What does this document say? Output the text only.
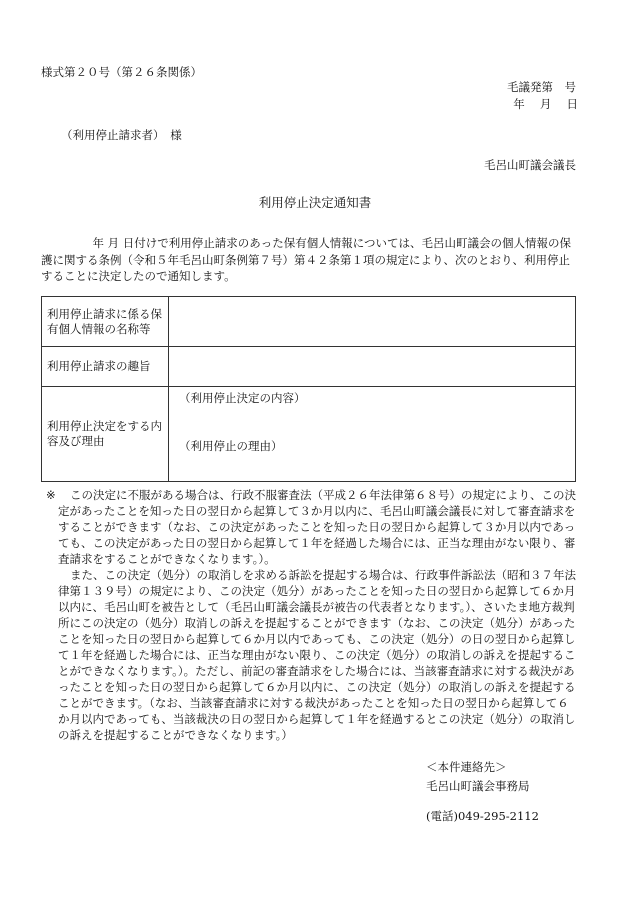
様式第２０号（第２６条関係）
毛議発第　号
年　 月　 日
（利用停止請求者）　様
毛呂山町議会議長
利用停止決定通知書
　年 月 日付けで利用停止請求のあった保有個人情報については、毛呂山町議会の個人情報の保護に関する条例（令和５年毛呂山町条例第７号）第４２条第１項の規定により、次のとおり、利用停止することに決定したので通知します。
利用停止請求に係る保有個人情報の名称等	
利用停止請求の趣旨	
利用停止決定をする内容及び理由	（利用停止決定の内容）
（利用停止の理由）
※	この決定に不服がある場合は、行政不服審査法（平成２６年法律第６８号）の規定により、この決定があったことを知った日の翌日から起算して３か月以内に、毛呂山町議会議長に対して審査請求をすることができます（なお、この決定があったことを知った日の翌日から起算して３か月以内であっても、この決定があった日の翌日から起算して１年を経過した場合には、正当な理由がない限り、審査請求をすることができなくなります。）。

また、この決定（処分）の取消しを求める訴訟を提起する場合は、行政事件訴訟法（昭和３７年法律第１３９号）の規定により、この決定（処分）があったことを知った日の翌日から起算して６か月以内に、毛呂山町を被告として（毛呂山町議会議長が被告の代表者となります。）、さいたま地方裁判所にこの決定の（処分）取消しの訴えを提起することができます（なお、この決定（処分）があったことを知った日の翌日から起算して６か月以内であっても、この決定（処分）の日の翌日から起算して１年を経過した場合には、正当な理由がない限り、この決定（処分）の取消しの訴えを提起することができなくなります。）。ただし、前記の審査請求をした場合には、当該審査請求に対する裁決があったことを知った日の翌日から起算して６か月以内に、この決定（処分）の取消しの訴えを提起することができます。（なお、当該審査請求に対する裁決があったことを知った日の翌日から起算して６か月以内であっても、当該裁決の日の翌日から起算して１年を経過するとこの決定（処分）の取消しの訴えを提起することができなくなります。）

＜本件連絡先＞
毛呂山町議会事務局
(電話)049-295-2112
